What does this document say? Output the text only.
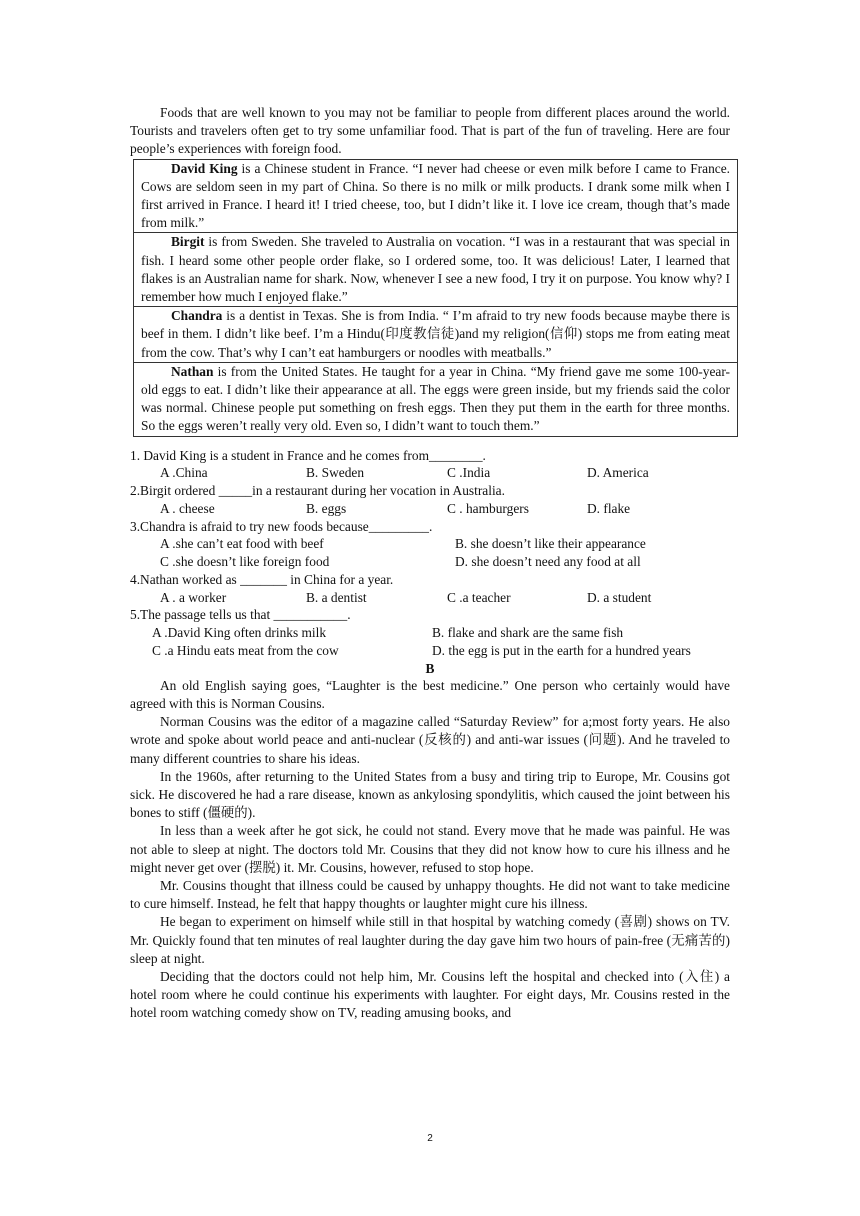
Foods that are well known to you may not be familiar to people from different places around the world. Tourists and travelers often get to try some unfamiliar food. That is part of the fun of traveling. Here are four people’s experiences with foreign food.

David King is a Chinese student in France. “I never had cheese or even milk before I came to France. Cows are seldom seen in my part of China. So there is no milk or milk products. I drank some milk when I first arrived in France. I heard it! I tried cheese, too, but I didn’t like it. I love ice cream, though that’s made from milk.”

Birgit is from Sweden. She traveled to Australia on vocation. “I was in a restaurant that was special in fish. I heard some other people order flake, so I ordered some, too. It was delicious! Later, I learned that flakes is an Australian name for shark. Now, whenever I see a new food, I try it on purpose. You know why? I remember how much I enjoyed flake.”

Chandra is a dentist in Texas. She is from India. “ I’m afraid to try new foods because maybe there is beef in them. I didn’t like beef. I’m a Hindu(印度教信徒)and my religion(信仰) stops me from eating meat from the cow. That’s why I can’t eat hamburgers or noodles with meatballs.”

Nathan is from the United States. He taught for a year in China. “My friend gave me some 100-year-old eggs to eat. I didn’t like their appearance at all. The eggs were green inside, but my friends said the color was normal. Chinese people put something on fresh eggs. Then they put them in the earth for three months. So the eggs weren’t really very old. Even so, I didn’t want to touch them.”

1. David King is a student in France and he comes from________.

A .China	B. Sweden	C .India	D. America

2.Birgit ordered _____in a restaurant during her vocation in Australia.

A . cheese	B. eggs	C . hamburgers	D. flake

3.Chandra is afraid to try new foods because_________.

A .she can’t eat food with beef	B. she doesn’t like their appearance
C .she doesn’t like foreign food	D. she doesn’t need any food at all

4.Nathan worked as _______ in China for a year.

A . a worker	B. a dentist	C .a teacher	D. a student

5.The passage tells us that ___________.

A .David King often drinks milk	B. flake and shark are the same fish
C .a Hindu eats meat from the cow	D. the egg is put in the earth for a hundred years
B

An old English saying goes, “Laughter is the best medicine.” One person who certainly would have agreed with this is Norman Cousins.

Norman Cousins was the editor of a magazine called “Saturday Review” for a;most forty years. He also wrote and spoke about world peace and anti-nuclear (反核的) and anti-war issues (问题). And he traveled to many different countries to share his ideas.

In the 1960s, after returning to the United States from a busy and tiring trip to Europe, Mr. Cousins got sick. He discovered he had a rare disease, known as ankylosing spondylitis, which caused the joint between his bones to stiff (僵硬的).

In less than a week after he got sick, he could not stand. Every move that he made was painful. He was not able to sleep at night. The doctors told Mr. Cousins that they did not know how to cure his illness and he might never get over (摆脱) it. Mr. Cousins, however, refused to stop hope.

Mr. Cousins thought that illness could be caused by unhappy thoughts. He did not want to take medicine to cure himself. Instead, he felt that happy thoughts or laughter might cure his illness.

He began to experiment on himself while still in that hospital by watching comedy (喜剧) shows on TV. Mr. Quickly found that ten minutes of real laughter during the day gave him two hours of pain-free (无痛苦的) sleep at night.

Deciding that the doctors could not help him, Mr. Cousins left the hospital and checked into (入住) a hotel room where he could continue his experiments with laughter. For eight days, Mr. Cousins rested in the hotel room watching comedy show on TV, reading amusing books, and

2
